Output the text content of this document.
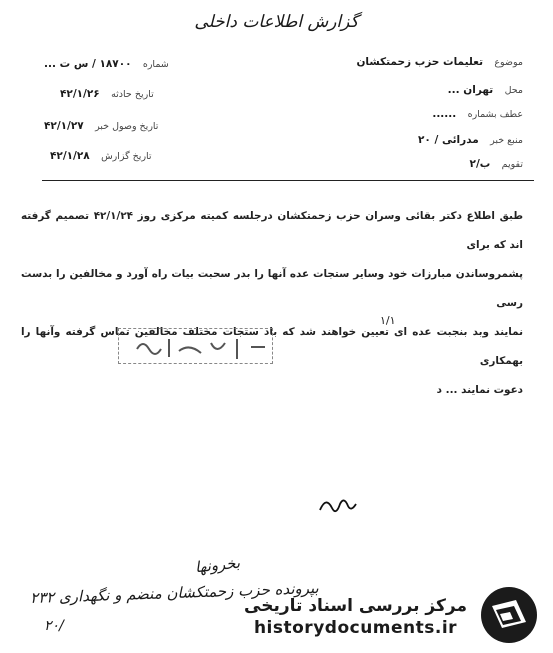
گزارش اطلاعات داخلی
موضوع تعلیمات حزب زحمتکشان
محل تهران ...
عطف بشماره ......
منبع خبر مدرائی / ۲۰
تقویم ب/۲
شماره ۱۸۷۰۰ / س ت ...
تاریخ حادثه ۴۲/۱/۲۶
تاریخ وصول خبر ۴۲/۱/۲۷
تاریخ گزارش ۴۲/۱/۲۸
طبق اطلاع دکتر بقائی وسران حزب زحمتکشان درجلسه کمیته مرکزی روز ۴۲/۱/۲۴ تصمیم گرفته اند که برای
پشمروساندن مبارزات خود وسایر ستجات عده آنها را بدر سحبت بیات راه آورد و مخالفین را بدست رسی
نمایند وبد بنجبت عده ای تعیین خواهند شد که باد ستجات مختلف مخالفین تماس گرفته وآنها را بهمکاری
دعوت نمایند ... د
۱/۱
بخرونها
بپرونده حزب زحمتکشان منضم و نگهداری ۲۳۲
۲۰/
مرکز بررسی اسناد تاریخی
historydocuments.ir
